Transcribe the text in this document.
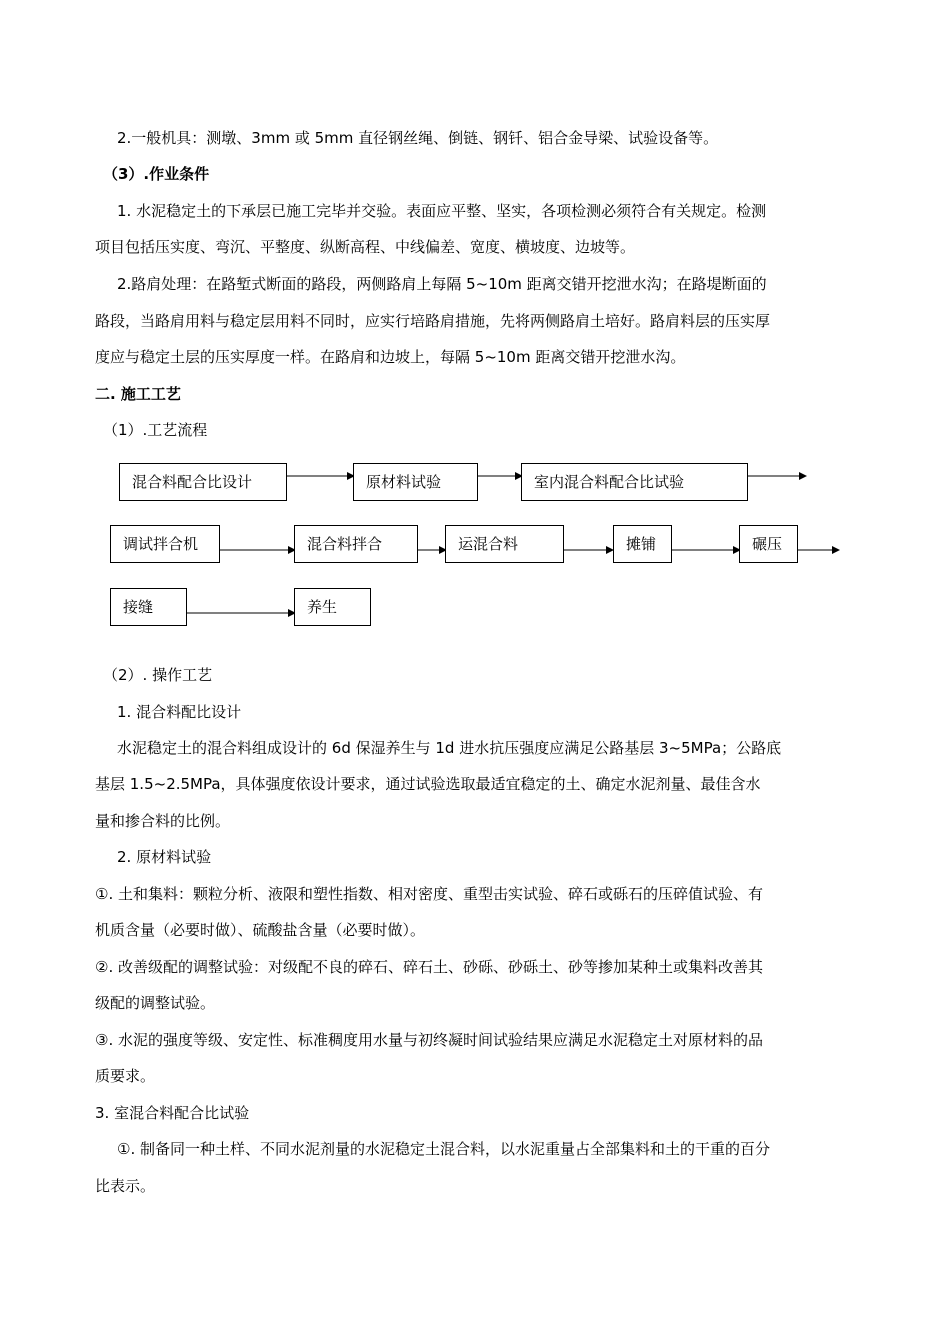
2.一般机具：测墩、3mm 或 5mm 直径钢丝绳、倒链、钢钎、铝合金导梁、试验设备等。
（3）.作业条件
1. 水泥稳定土的下承层已施工完毕并交验。表面应平整、坚实，各项检测必须符合有关规定。检测
项目包括压实度、弯沉、平整度、纵断高程、中线偏差、宽度、横坡度、边坡等。
2.路肩处理：在路堑式断面的路段，两侧路肩上每隔 5~10m 距离交错开挖泄水沟；在路堤断面的
路段，当路肩用料与稳定层用料不同时，应实行培路肩措施，先将两侧路肩土培好。路肩料层的压实厚
度应与稳定土层的压实厚度一样。在路肩和边坡上，每隔 5~10m 距离交错开挖泄水沟。
二. 施工工艺
（1）.工艺流程
混合料配合比设计	原材料试验	室内混合料配合比试验
调试拌合机	混合料拌合	运混合料	摊铺	碾压
接缝	养生
（2）. 操作工艺
1. 混合料配比设计
水泥稳定土的混合料组成设计的 6d 保湿养生与 1d 进水抗压强度应满足公路基层 3~5MPa；公路底
基层 1.5~2.5MPa，具体强度依设计要求，通过试验选取最适宜稳定的土、确定水泥剂量、最佳含水
量和掺合料的比例。
2. 原材料试验
①. 土和集料：颗粒分析、液限和塑性指数、相对密度、重型击实试验、碎石或砾石的压碎值试验、有
机质含量（必要时做）、硫酸盐含量（必要时做）。
②. 改善级配的调整试验：对级配不良的碎石、碎石土、砂砾、砂砾土、砂等掺加某种土或集料改善其
级配的调整试验。
③. 水泥的强度等级、安定性、标准稠度用水量与初终凝时间试验结果应满足水泥稳定土对原材料的品
质要求。
3. 室混合料配合比试验
①. 制备同一种土样、不同水泥剂量的水泥稳定土混合料，以水泥重量占全部集料和土的干重的百分
比表示。
